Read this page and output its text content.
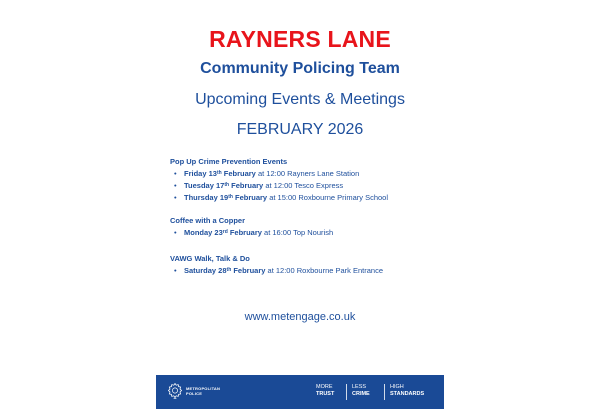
RAYNERS LANE
Community Policing Team
Upcoming Events & Meetings
FEBRUARY 2026
Pop Up Crime Prevention Events
• Friday 13th February at 12:00 Rayners Lane Station
• Tuesday 17th February at 12:00 Tesco Express
• Thursday 19th February at 15:00 Roxbourne Primary School
Coffee with a Copper
• Monday 23rd February at 16:00 Top Nourish
VAWG Walk, Talk & Do
• Saturday 28th February at 12:00 Roxbourne Park Entrance
www.metengage.co.uk
METROPOLITAN
POLICE
MORE
TRUST
LESS
CRIME
HIGH
STANDARDS
